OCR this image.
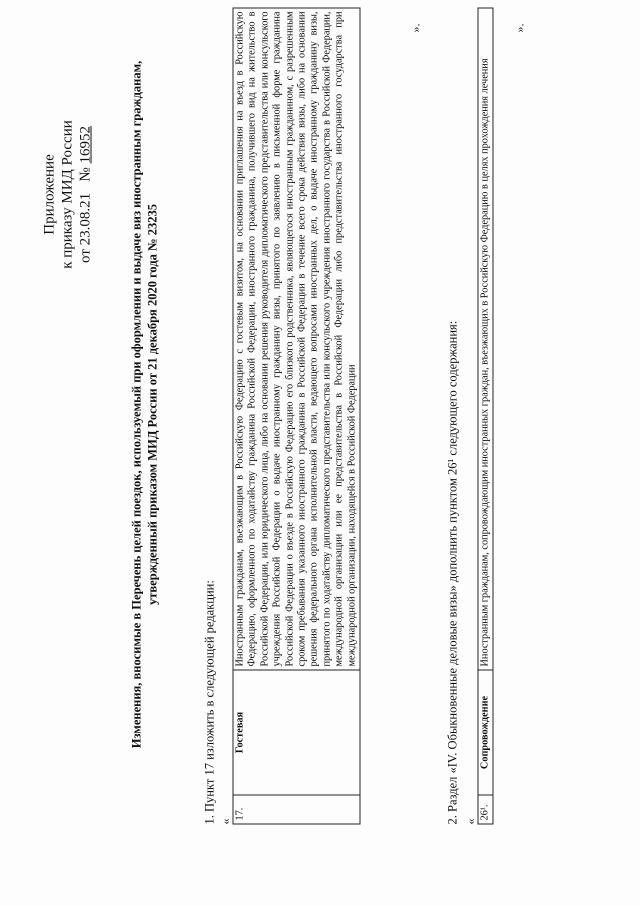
Приложение к приказу МИД России от 23.08.21   № 16952	Изменения, вносимые в Перечень целей поездок, используемый при оформлении и выдаче виз иностранным гражданам, утвержденный приказом МИД России от 21 декабря 2020 года № 23235
1. Пункт 17 изложить в следующей редакции: «
17.	Гостевая	Иностранным гражданам, въезжающим в Российскую Федерацию с гостевым визитом, на основании приглашения на въезд в Российскую Федерацию, оформленного по ходатайству гражданина Российской Федерации, иностранного гражданина, получившего вид на жительство в Российской Федерации, или юридического лица, либо на основании решения руководителя дипломатического представительства или консульского учреждения Российской Федерации о выдаче иностранному гражданину визы, принятого по заявлению в письменной форме гражданина Российской Федерации о въезде в Российскую Федерацию его близкого родственника, являющегося иностранным гражданином, с разрешенным сроком пребывания указанного иностранного гражданина в Российской Федерации в течение всего срока действия визы, либо на основании решения федерального органа исполнительной власти, ведающего вопросами иностранных дел, о выдаче иностранному гражданину визы, принятого по ходатайству дипломатического представительства или консульского учреждения иностранного государства в Российской Федерации, международной организации или ее представительства в Российской Федерации либо представительства иностранного государства при международной организации, находящейся в Российской Федерации
».
2. Раздел «IV. Обыкновенные деловые визы» дополнить пунктом 26¹ следующего содержания: «
26¹.	Сопровождение	Иностранным гражданам, сопровождающим иностранных граждан, въезжающих в Российскую Федерацию в целях прохождения лечения
».
